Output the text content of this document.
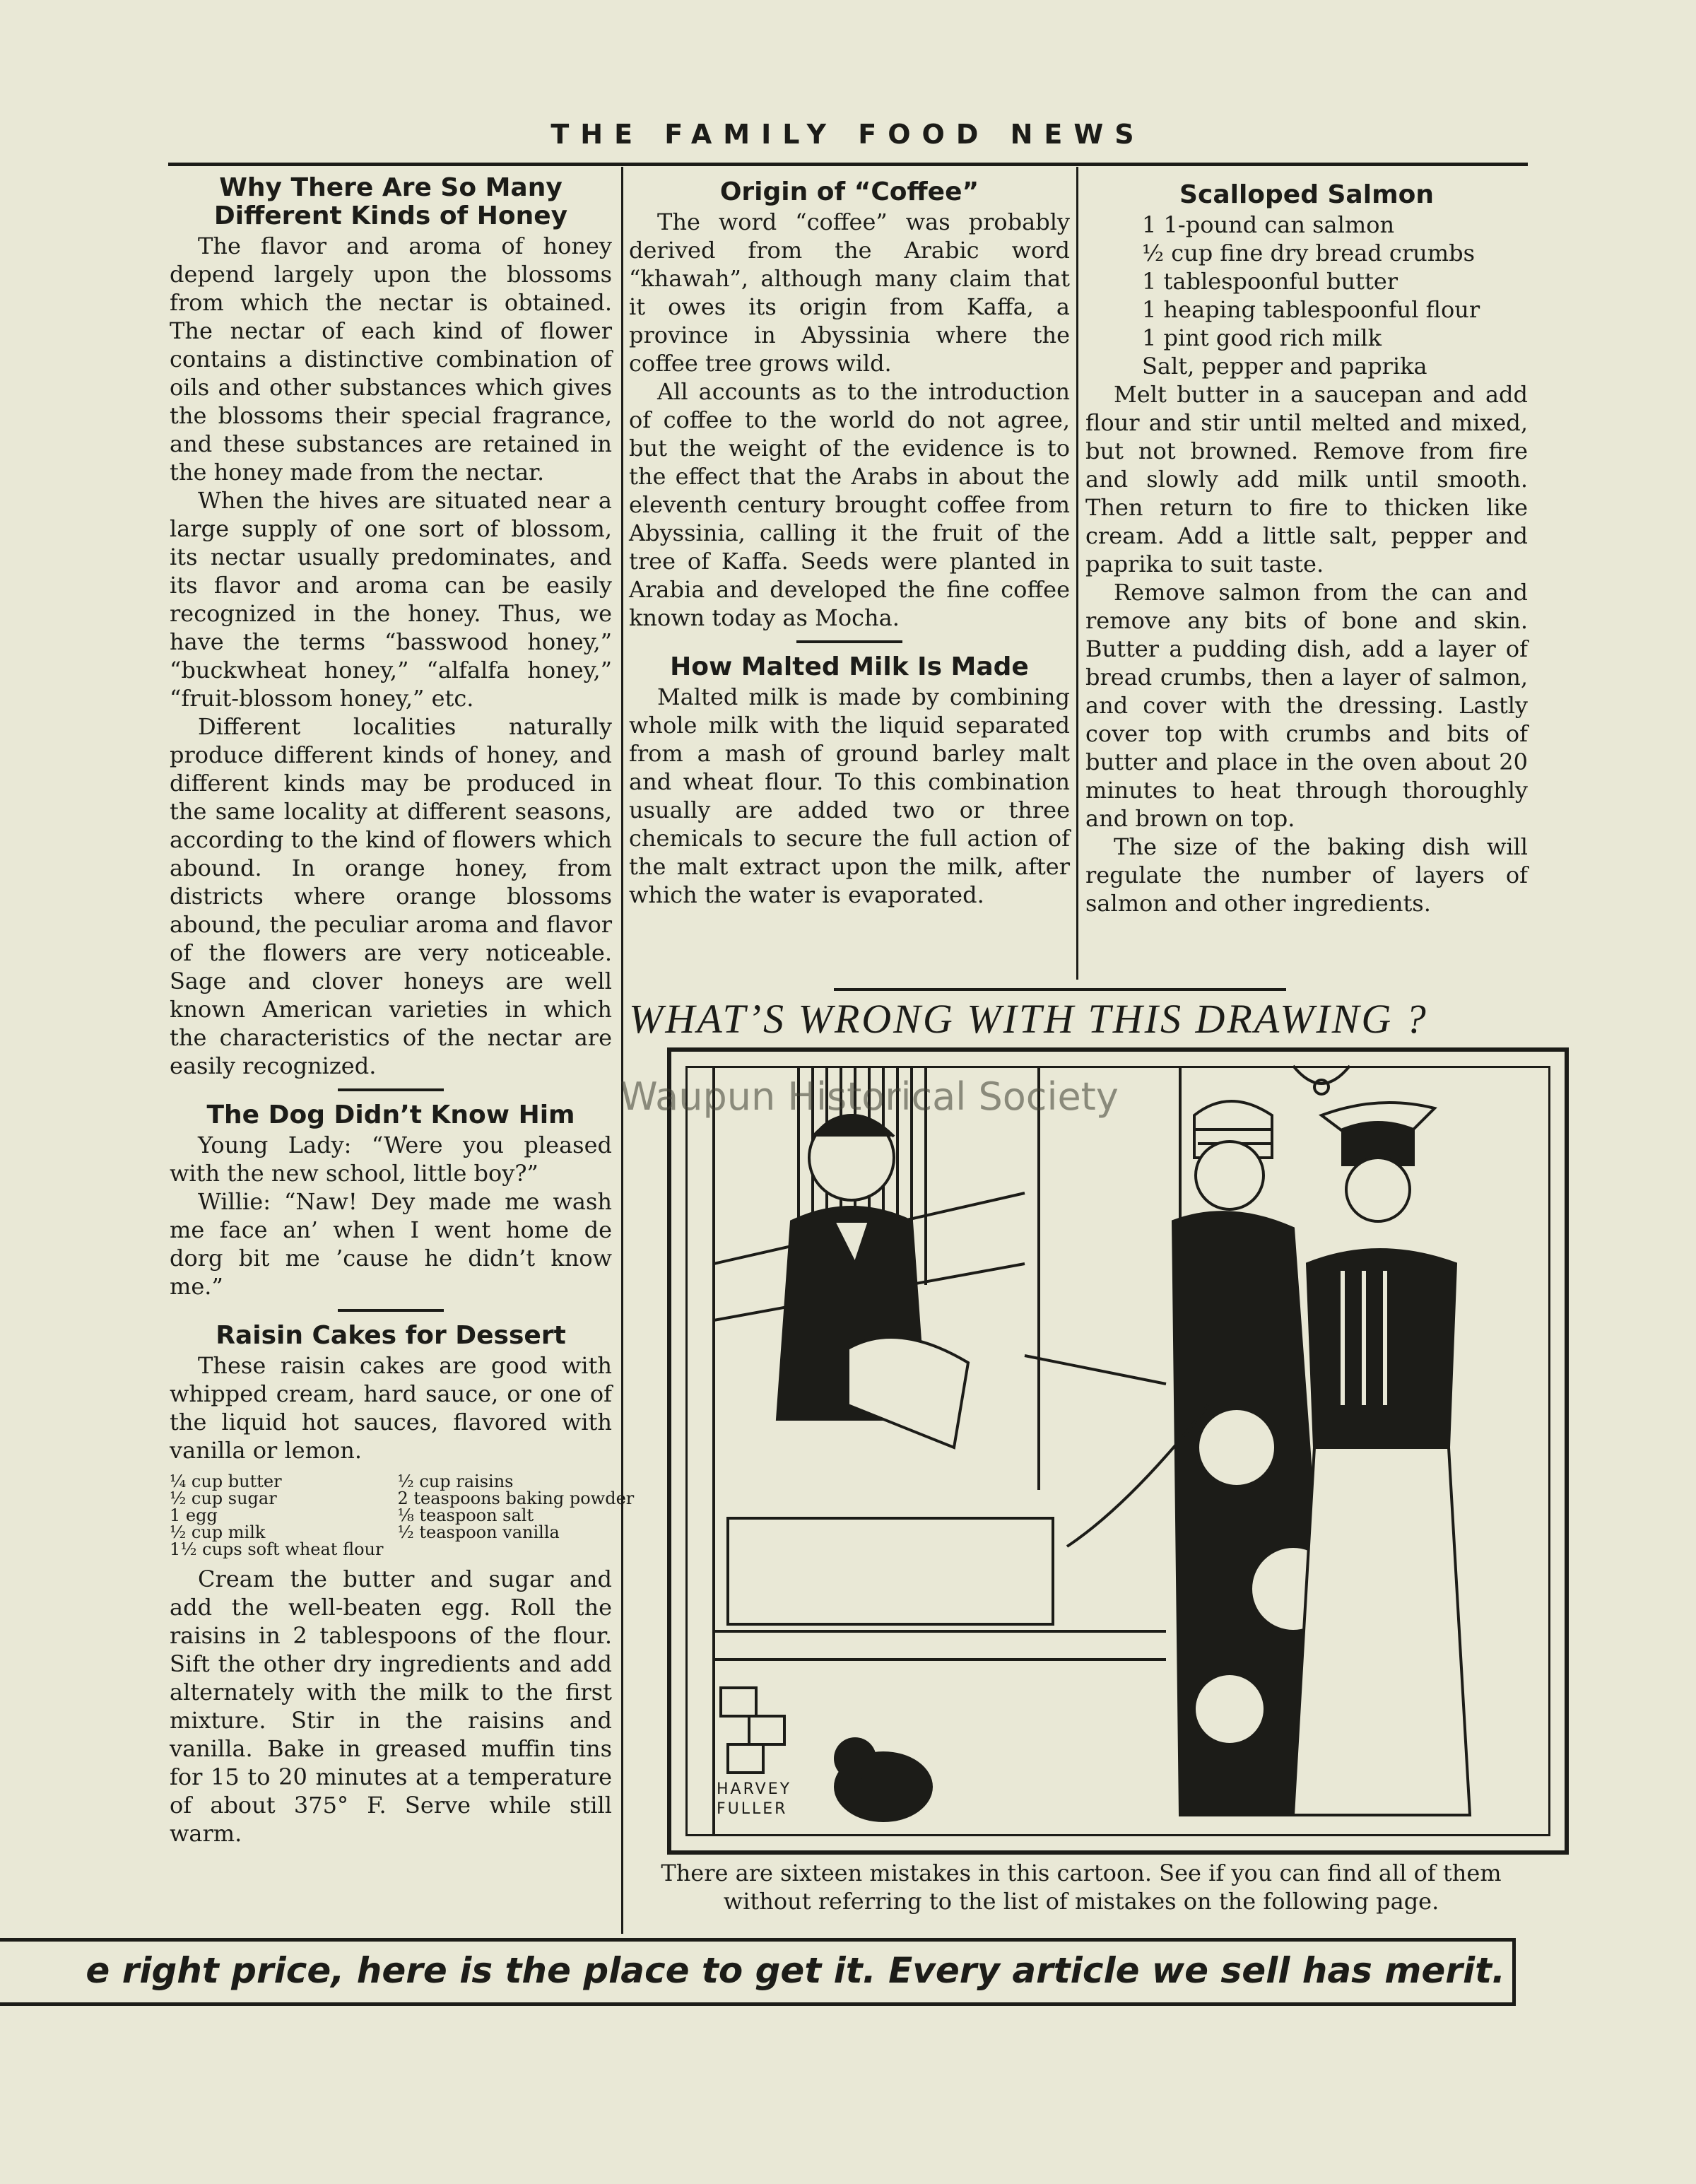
THE FAMILY FOOD NEWS
Why There Are So Many Different Kinds of Honey

The flavor and aroma of honey depend largely upon the blossoms from which the nectar is obtained. The nectar of each kind of flower contains a distinctive combination of oils and other substances which gives the blossoms their special fragrance, and these substances are retained in the honey made from the nectar.

When the hives are situated near a large supply of one sort of blossom, its nectar usually predominates, and its flavor and aroma can be easily recognized in the honey. Thus, we have the terms “basswood honey,” “buckwheat honey,” “alfalfa honey,” “fruit-blossom honey,” etc.

Different localities naturally produce different kinds of honey, and different kinds may be produced in the same locality at different seasons, according to the kind of flowers which abound. In orange honey, from districts where orange blossoms abound, the peculiar aroma and flavor of the flowers are very noticeable. Sage and clover honeys are well known American varieties in which the characteristics of the nectar are easily recognized.

The Dog Didn’t Know Him

Young Lady: “Were you pleased with the new school, little boy?”

Willie: “Naw! Dey made me wash me face an’ when I went home de dorg bit me ’cause he didn’t know me.”

Raisin Cakes for Dessert

These raisin cakes are good with whipped cream, hard sauce, or one of the liquid hot sauces, flavored with vanilla or lemon.

¼ cup butter	½ cup raisins
½ cup sugar	2 teaspoons baking powder
1 egg	⅛ teaspoon salt
½ cup milk	½ teaspoon vanilla
1½ cups soft wheat flour

Cream the butter and sugar and add the well-beaten egg. Roll the raisins in 2 tablespoons of the flour. Sift the other dry ingredients and add alternately with the milk to the first mixture. Stir in the raisins and vanilla. Bake in greased muffin tins for 15 to 20 minutes at a temperature of about 375° F. Serve while still warm.

Origin of “Coffee”

The word “coffee” was probably derived from the Arabic word “khawah”, although many claim that it owes its origin from Kaffa, a province in Abyssinia where the coffee tree grows wild.

All accounts as to the introduction of coffee to the world do not agree, but the weight of the evidence is to the effect that the Arabs in about the eleventh century brought coffee from Abyssinia, calling it the fruit of the tree of Kaffa. Seeds were planted in Arabia and developed the fine coffee known today as Mocha.

How Malted Milk Is Made

Malted milk is made by combining whole milk with the liquid separated from a mash of ground barley malt and wheat flour. To this combination usually are added two or three chemicals to secure the full action of the malt extract upon the milk, after which the water is evaporated.

Scalloped Salmon
1 1-pound can salmon
½ cup fine dry bread crumbs
1 tablespoonful butter
1 heaping tablespoonful flour
1 pint good rich milk
Salt, pepper and paprika

Melt butter in a saucepan and add flour and stir until melted and mixed, but not browned. Remove from fire and slowly add milk until smooth. Then return to fire to thicken like cream. Add a little salt, pepper and paprika to suit taste.

Remove salmon from the can and remove any bits of bone and skin. Butter a pudding dish, add a layer of bread crumbs, then a layer of salmon, and cover with the dressing. Lastly cover top with crumbs and bits of butter and place in the oven about 20 minutes to heat through thoroughly and brown on top.

The size of the baking dish will regulate the number of layers of salmon and other ingredients.

WHAT’S WRONG WITH THIS DRAWING ?
HARVEY FULLER
There are sixteen mistakes in this cartoon. See if you can find all of them without referring to the list of mistakes on the following page.
Waupun Historical Society
e right price, here is the place to get it. Every article we sell has merit.
